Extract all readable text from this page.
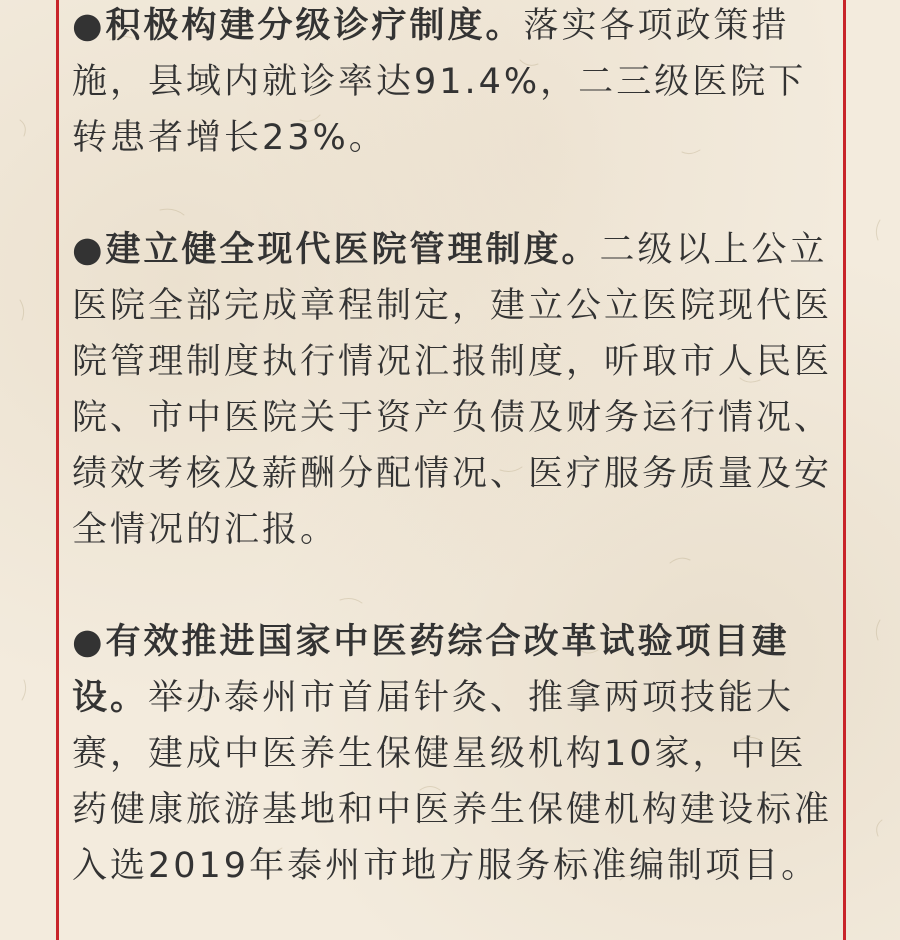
●积极构建分级诊疗制度。落实各项政策措施，县域内就诊率达91.4%，二三级医院下转患者增长23%。

●建立健全现代医院管理制度。二级以上公立医院全部完成章程制定，建立公立医院现代医院管理制度执行情况汇报制度，听取市人民医院、市中医院关于资产负债及财务运行情况、绩效考核及薪酬分配情况、医疗服务质量及安全情况的汇报。

●有效推进国家中医药综合改革试验项目建设。举办泰州市首届针灸、推拿两项技能大赛，建成中医养生保健星级机构10家，中医药健康旅游基地和中医养生保健机构建设标准入选2019年泰州市地方服务标准编制项目。
